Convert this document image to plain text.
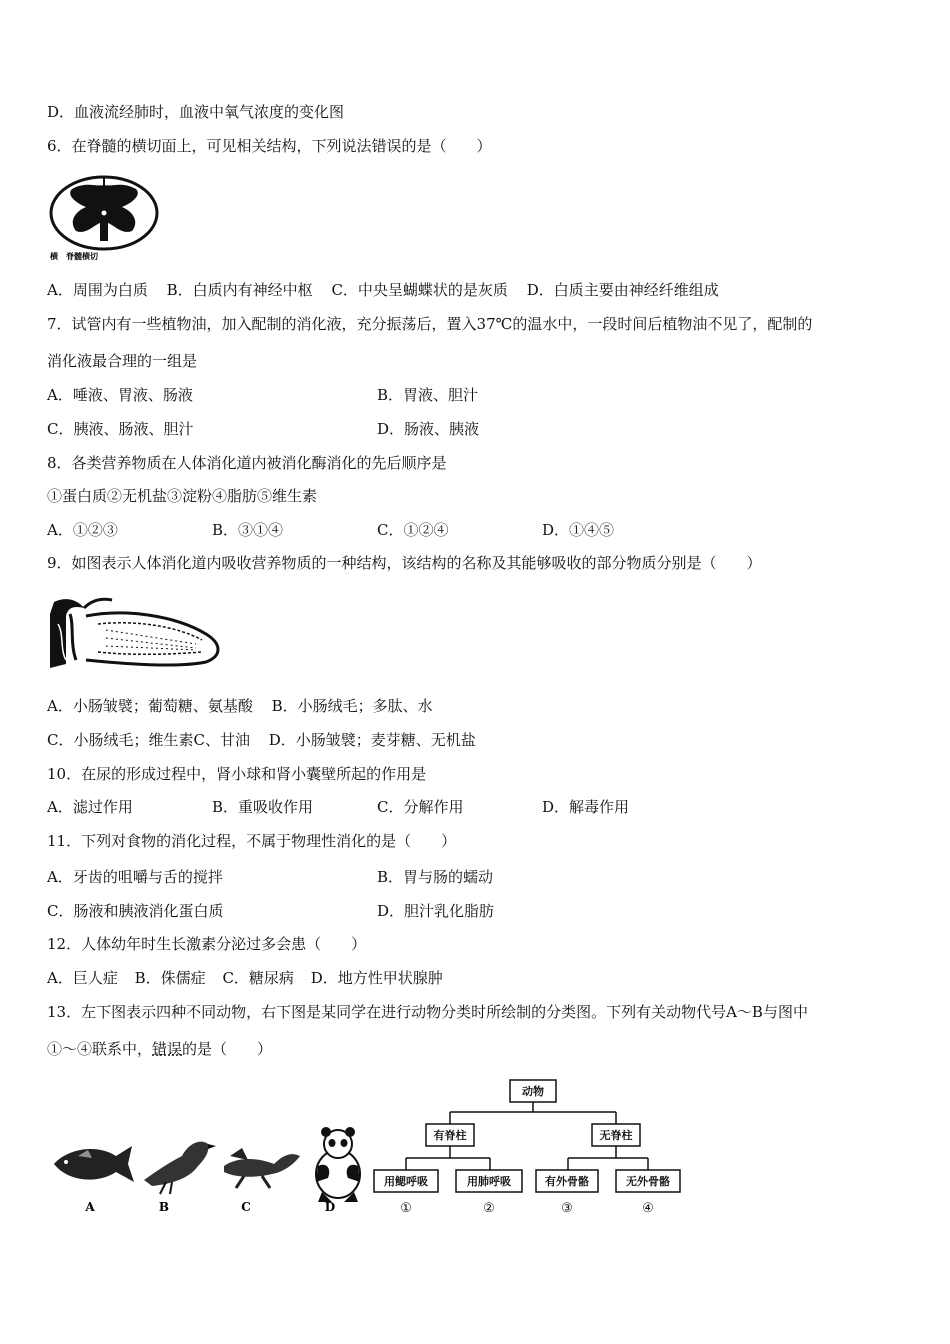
D．血液流经肺时，血液中氧气浓度的变化图
6．在脊髓的横切面上，可见相关结构，下列说法错误的是（　　）
横　脊髓横切
A．周围为白质 B．白质内有神经中枢 C．中央呈蝴蝶状的是灰质 D．白质主要由神经纤维组成
7．试管内有一些植物油，加入配制的消化液，充分振荡后，置入37℃的温水中，一段时间后植物油不见了，配制的
消化液最合理的一组是
A．唾液、胃液、肠液	B．胃液、胆汁
C．胰液、肠液、胆汁	D．肠液、胰液
8．各类营养物质在人体消化道内被消化酶消化的先后顺序是
①蛋白质②无机盐③淀粉④脂肪⑤维生素
A．①②③	B．③①④	C．①②④	D．①④⑤
9．如图表示人体消化道内吸收营养物质的一种结构，该结构的名称及其能够吸收的部分物质分别是（　　）
A．小肠皱襞；葡萄糖、氨基酸 B．小肠绒毛；多肽、水
C．小肠绒毛；维生素C、甘油 D．小肠皱襞；麦芽糖、无机盐
10．在尿的形成过程中，肾小球和肾小囊壁所起的作用是
A．滤过作用	B．重吸收作用	C．分解作用	D．解毒作用
11．下列对食物的消化过程，不属于物理性消化的是（　　）
A．牙齿的咀嚼与舌的搅拌	B．胃与肠的蠕动
C．肠液和胰液消化蛋白质	D．胆汁乳化脂肪
12．人体幼年时生长激素分泌过多会患（　　）
A．巨人症 B．侏儒症 C．糖尿病 D．地方性甲状腺肿
13．左下图表示四种不同动物，右下图是某同学在进行动物分类时所绘制的分类图。下列有关动物代号A～B与图中
①～④联系中，错误的是（　　）
A	B	C	D
动物
有脊柱	无脊柱
用鳃呼吸	用肺呼吸	有外骨骼	无外骨骼
①	②	③	④
